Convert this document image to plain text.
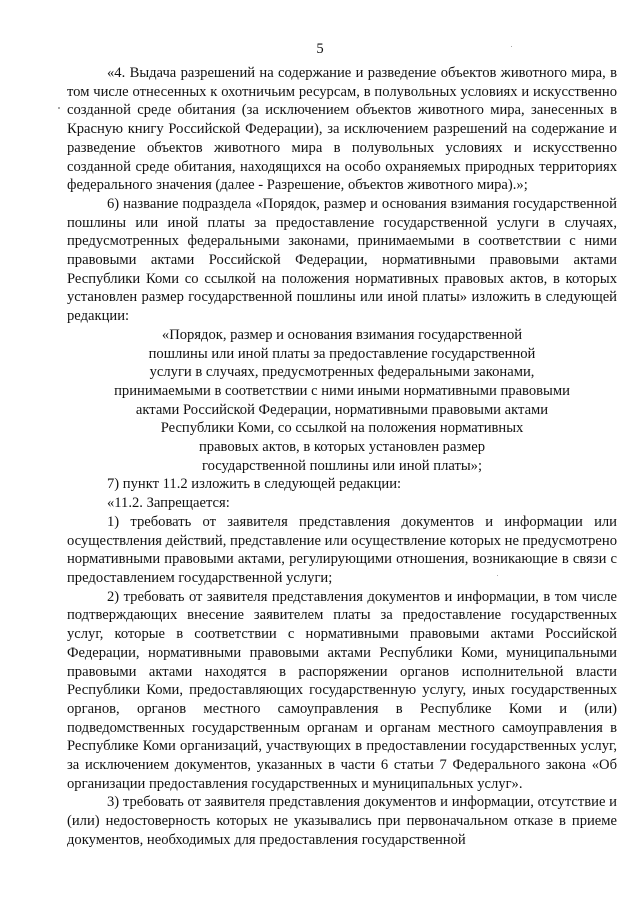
5

«4. Выдача разрешений на содержание и разведение объектов животного мира, в том числе отнесенных к охотничьим ресурсам, в полувольных условиях и искусственно созданной среде обитания (за исключением объектов животного мира, занесенных в Красную книгу Российской Федерации), за исключением разрешений на содержание и разведение объектов животного мира в полувольных условиях и искусственно созданной среде обитания, находящихся на особо охраняемых природных территориях федерального значения (далее - Разрешение, объектов животного мира).»;

6) название подраздела «Порядок, размер и основания взимания государственной пошлины или иной платы за предоставление государственной услуги в случаях, предусмотренных федеральными законами, принимаемыми в соответствии с ними правовыми актами Российской Федерации, нормативными правовыми актами Республики Коми со ссылкой на положения нормативных правовых актов, в которых установлен размер государственной пошлины или иной платы» изложить в следующей редакции:

«Порядок, размер и основания взимания государственной
пошлины или иной платы за предоставление государственной
услуги в случаях, предусмотренных федеральными законами,
принимаемыми в соответствии с ними иными нормативными правовыми
актами Российской Федерации, нормативными правовыми актами
Республики Коми, со ссылкой на положения нормативных
правовых актов, в которых установлен размер
государственной пошлины или иной платы»;

7) пункт 11.2 изложить в следующей редакции:

«11.2. Запрещается:

1) требовать от заявителя представления документов и информации или осуществления действий, представление или осуществление которых не предусмотрено нормативными правовыми актами, регулирующими отношения, возникающие в связи с предоставлением государственной услуги;

2) требовать от заявителя представления документов и информации, в том числе подтверждающих внесение заявителем платы за предоставление государственных услуг, которые в соответствии с нормативными правовыми актами Российской Федерации, нормативными правовыми актами Республики Коми, муниципальными правовыми актами находятся в распоряжении органов исполнительной власти Республики Коми, предоставляющих государственную услугу, иных государственных органов, органов местного самоуправления в Республике Коми и (или) подведомственных государственным органам и органам местного самоуправления в Республике Коми организаций, участвующих в предоставлении государственных услуг, за исключением документов, указанных в части 6 статьи 7 Федерального закона «Об организации предоставления государственных и муниципальных услуг».

3) требовать от заявителя представления документов и информации, отсутствие и (или) недостоверность которых не указывались при первоначальном отказе в приеме документов, необходимых для предоставления государственной
